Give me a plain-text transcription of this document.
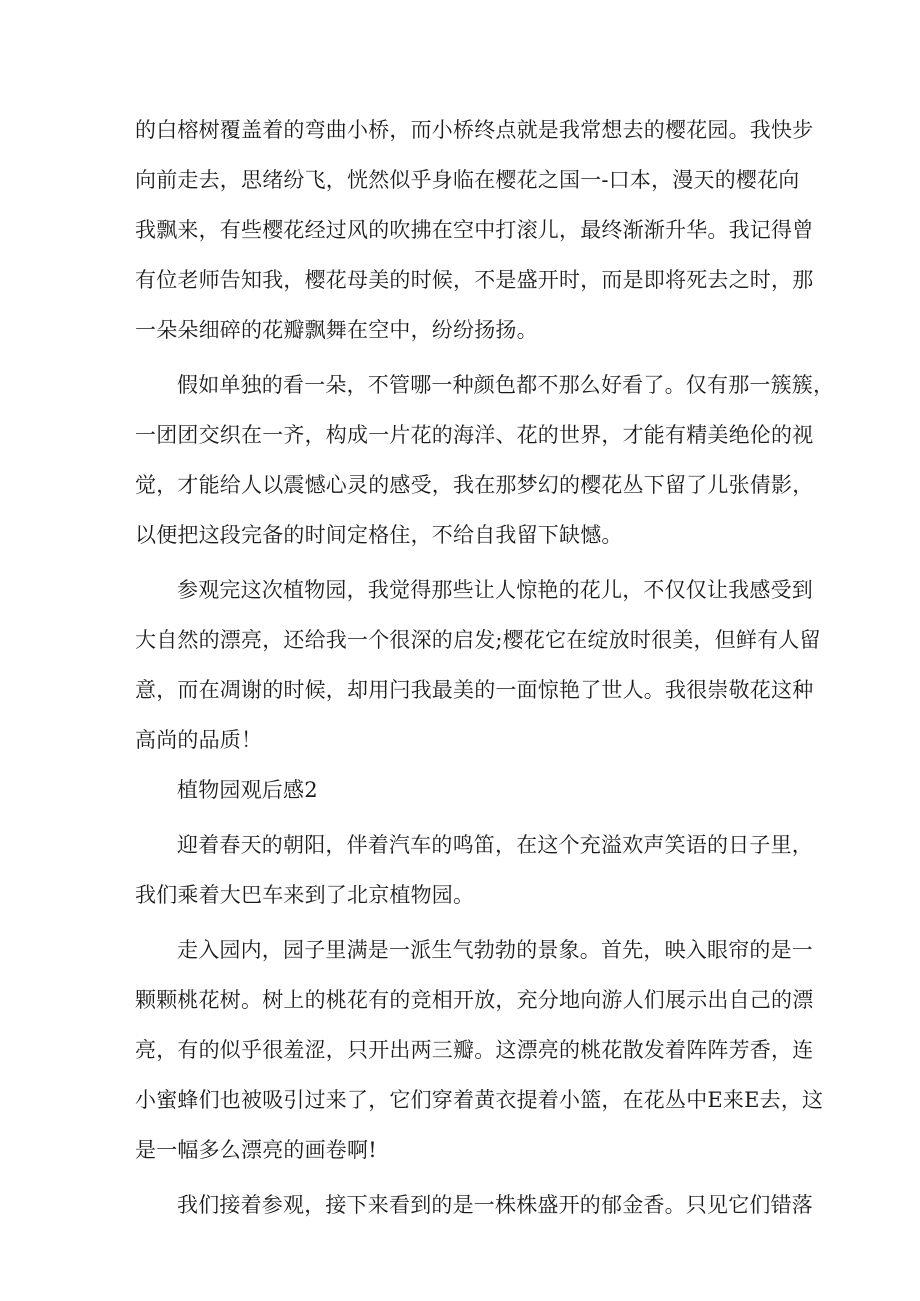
的白榕树覆盖着的弯曲小桥，而小桥终点就是我常想去的樱花园。我快步
向前走去，思绪纷飞，恍然似乎身临在樱花之国一-口本，漫天的樱花向
我飘来，有些樱花经过风的吹拂在空中打滚儿，最终渐渐升华。我记得曾
有位老师告知我，樱花母美的时候，不是盛开时，而是即将死去之时，那
一朵朵细碎的花瓣飘舞在空中，纷纷扬扬。
假如单独的看一朵，不管哪一种颜色都不那么好看了。仅有那一簇簇，
一团团交织在一齐，构成一片花的海洋、花的世界，才能有精美绝伦的视
觉，才能给人以震憾心灵的感受，我在那梦幻的樱花丛下留了儿张倩影，
以便把这段完备的时间定格住，不给自我留下缺憾。
参观完这次植物园，我觉得那些让人惊艳的花儿，不仅仅让我感受到
大自然的漂亮，还给我一个很深的启发;樱花它在绽放时很美，但鲜有人留
意，而在凋谢的时候，却用闩我最美的一面惊艳了世人。我很崇敬花这种
高尚的品质！
植物园观后感2
迎着春天的朝阳，伴着汽车的鸣笛，在这个充溢欢声笑语的日子里，
我们乘着大巴车来到了北京植物园。
走入园内，园子里满是一派生气勃勃的景象。首先，映入眼帘的是一
颗颗桃花树。树上的桃花有的竞相开放，充分地向游人们展示出自己的漂
亮，有的似乎很羞涩，只开出两三瓣。这漂亮的桃花散发着阵阵芳香，连
小蜜蜂们也被吸引过来了，它们穿着黄衣提着小篮，在花丛中E来E去，这
是一幅多么漂亮的画卷啊!
我们接着参观，接下来看到的是一株株盛开的郁金香。只见它们错落
